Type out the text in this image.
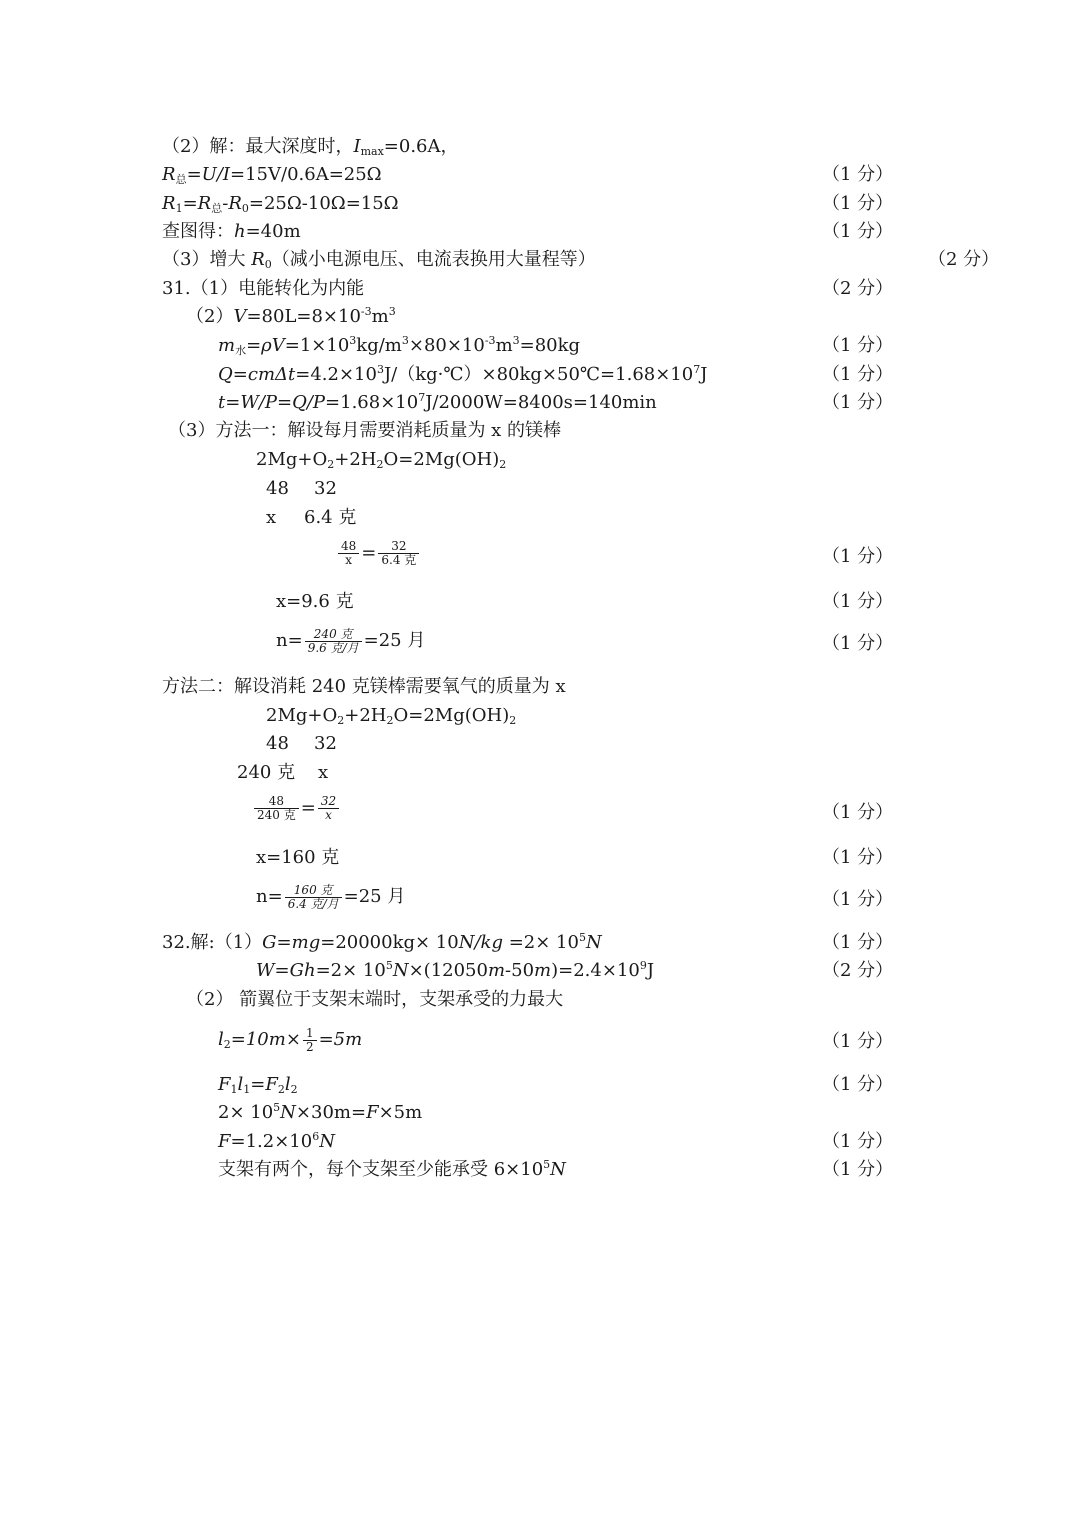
（2）解：最大深度时，$I_{max}=0.6A$，
$R_总=U/I=15V/0.6A=25\Omega$	（1 分）
$R_1=R_总-R_0=25\Omega-10\Omega=15\Omega$	（1 分）
查图得：h=40m	（1 分）
（3）增大 $R_0$（减小电源电压、电流表换用大量程等）	（2 分）
31.（1）电能转化为内能	（2 分）
$(2)V=80L=8\times 10^{-3}m^3$
$m_水=\rho V=1\times 10^3kg/m^3\times 80\times 10^{-3}m^3=80kg$	（1 分）
$Q=cm\Delta t=4.2\times 10^3J/(kg\cdot℃)\times 80kg\times 50℃=1.68\times 10^7J$	（1 分）
$t=W/P=Q/P=1.68\times 10^7J/2000W=8400s=140\min$	（1 分）
（3）方法一：解设每月需要消耗质量为 x 的镁棒
$2Mg+O_2+2H_2O=2Mg(OH)_2$
48 32
x 6.4 克
$\frac{48}{x} = \frac{32}{\text{6.4 克}}$	（1 分）
x=9.6 克	（1 分）
$n= \frac{\text{240 克}}{\text{9.6 克/月}} =25$ 月	（1 分）
方法二：解设消耗 240 克镁棒需要氧气的质量为 x
$2Mg+O_2+2H_2O=2Mg(OH)_2$
48 32
240 克 x
$\frac{48}{\text{240 克}} = \frac{32}{x}$	（1 分）
x=160 克	（1 分）
$n= \frac{\text{160 克}}{\text{6.4 克/月}} =25$ 月	（1 分）
32.解:（1）G=mg=20000kg× $10N/kg =2\times 10^5N$	（1 分）
$W=Gh=2\times 10^5N\times(12050m-50m)=2.4\times 10^9J$	（2 分）
（2） 箭翼位于支架末端时，支架承受的力最大
$l_2=10m\times \frac{1}{2} =5m$	（1 分）
$F_1l_1=F_2l_2$	（1 分）
$2\times 10^5N\times 30m=F\times 5m$
$F=1.2\times 10^6N$	（1 分）
支架有两个，每个支架至少能承受 $6\times 10^5N$	（1 分）
